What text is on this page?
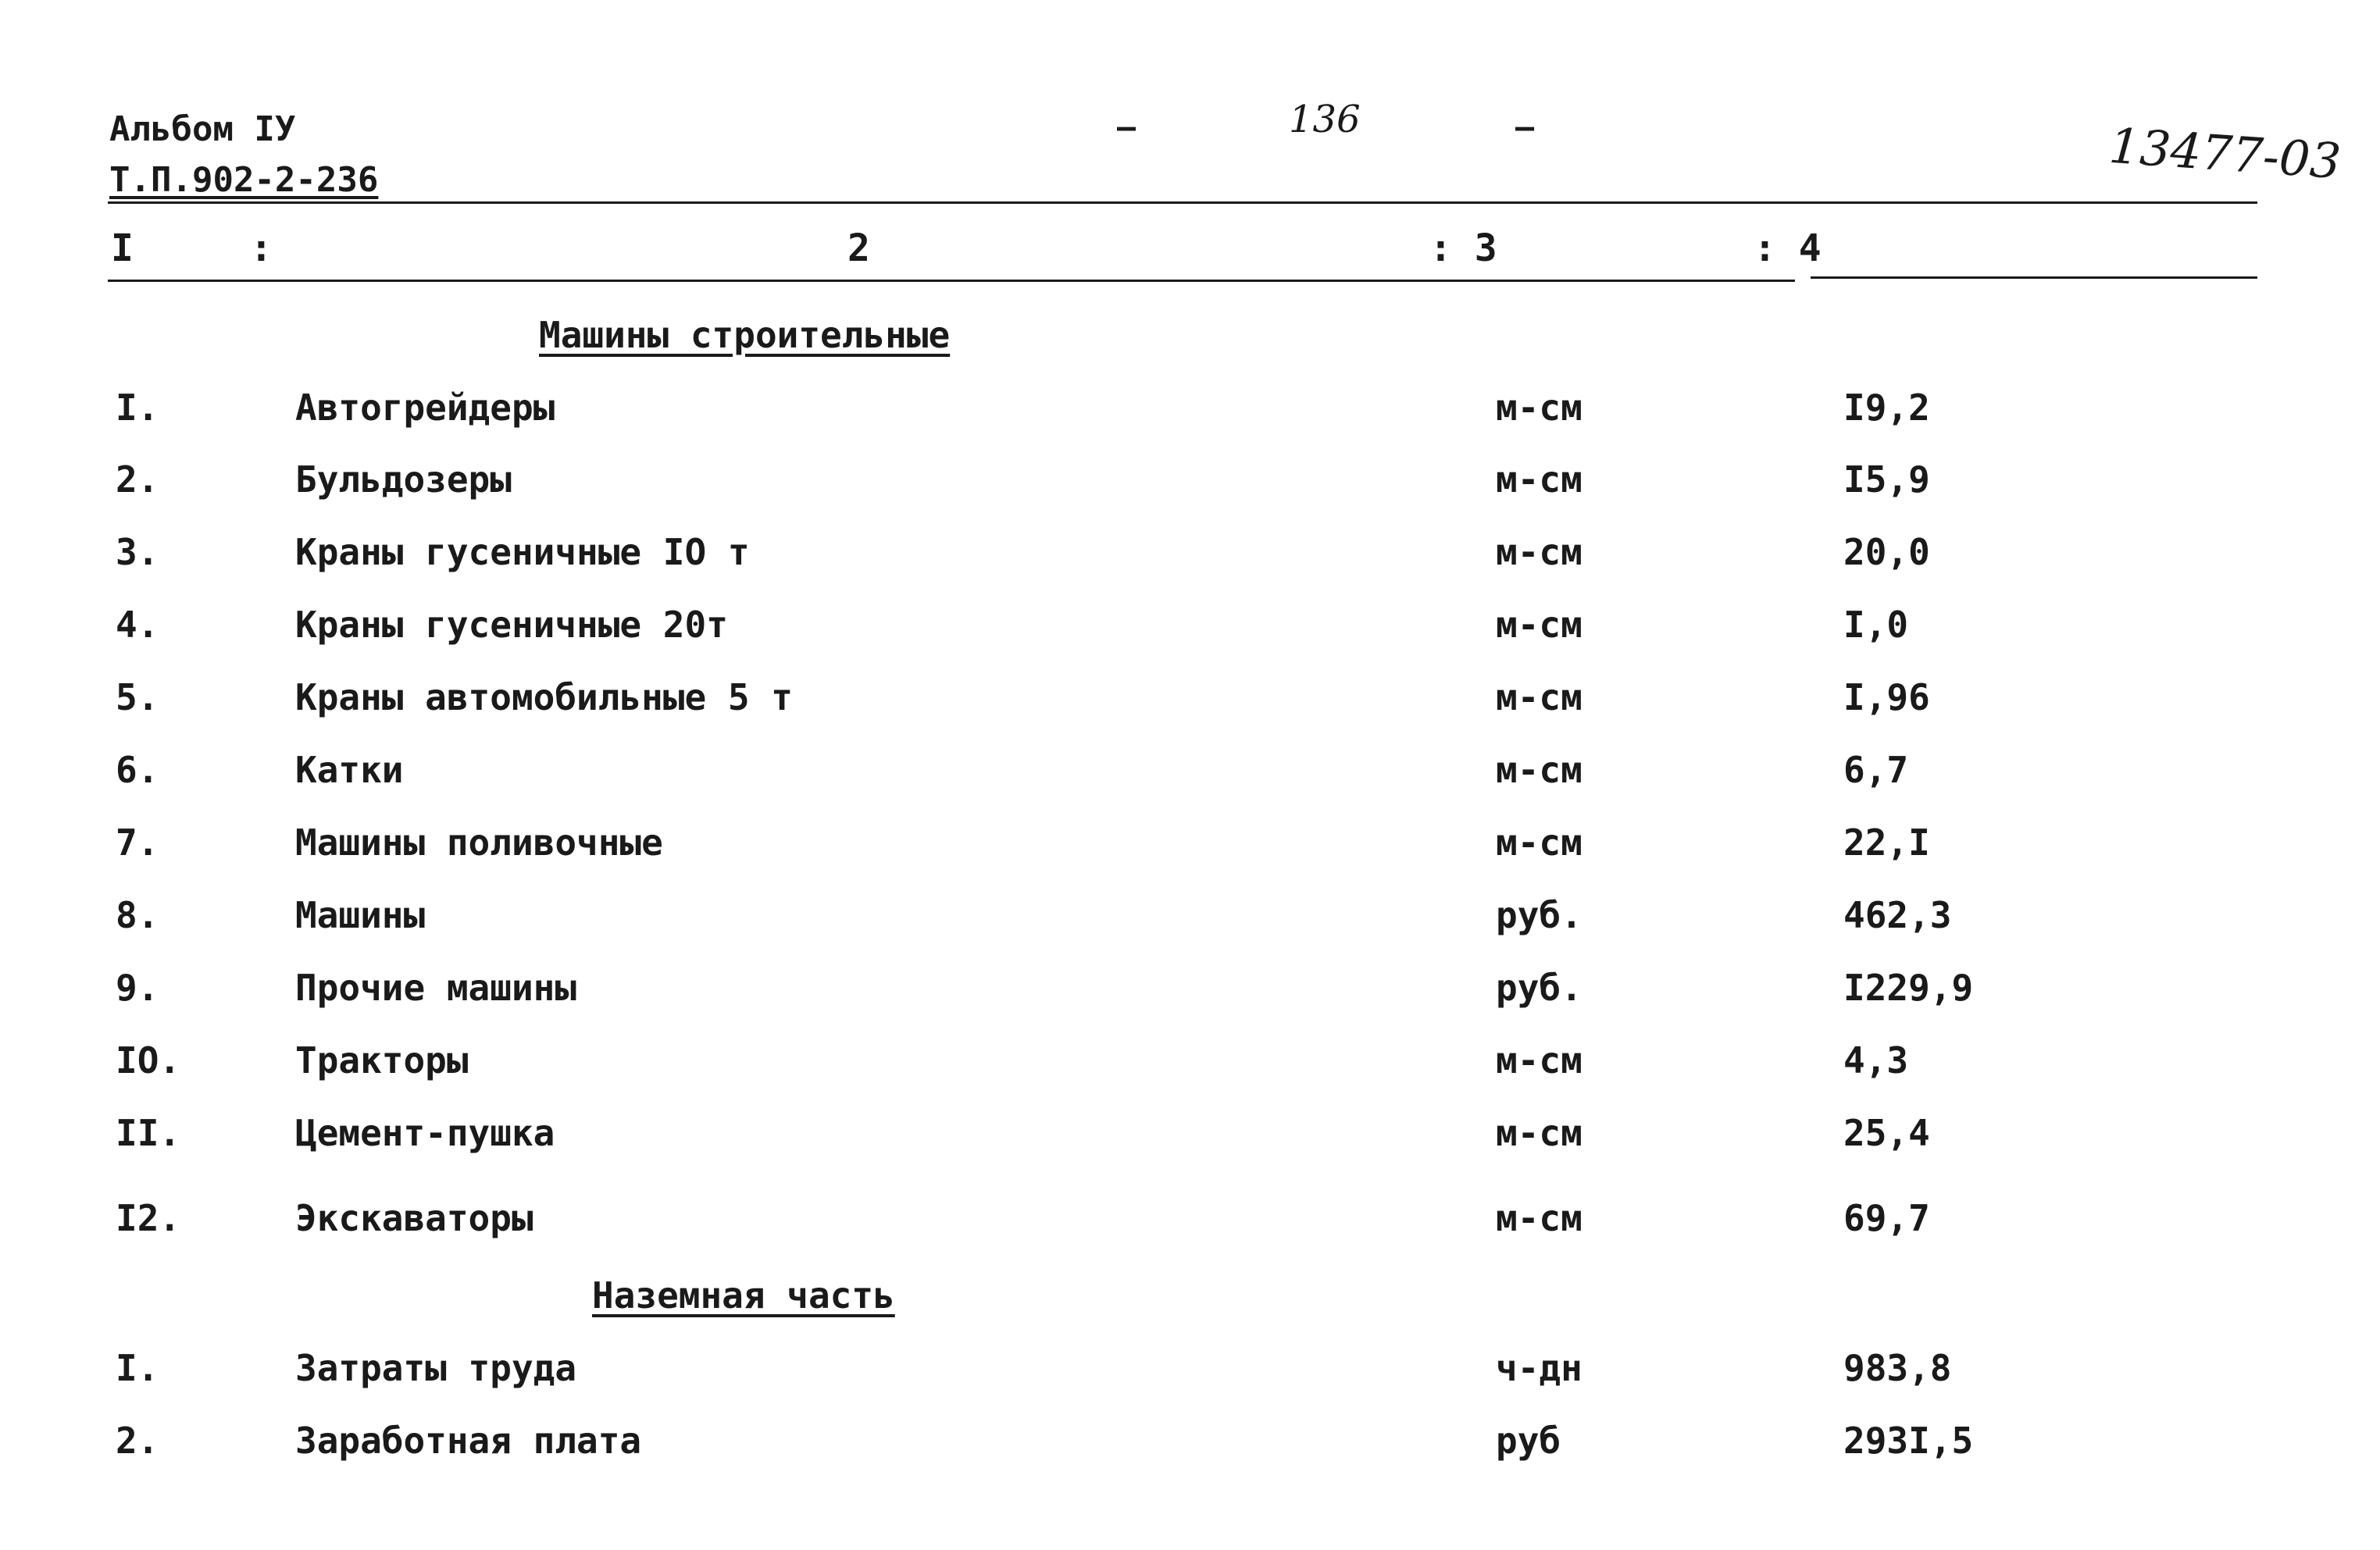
Альбом IУ
Т.П.902-2-236
–	136	–	13477-03
I	:	2	: 3	: 4
Машины строительные
I.	Автогрейдеры	м-см	I9,2
2.	Бульдозеры	м-см	I5,9
3.	Краны гусеничные IO т	м-см	20,0
4.	Краны гусеничные 20т	м-см	I,0
5.	Краны автомобильные 5 т	м-см	I,96
6.	Катки	м-см	6,7
7.	Машины поливочные	м-см	22,I
8.	Машины	руб.	462,3
9.	Прочие машины	руб.	I229,9
IO.	Тракторы	м-см	4,3
II.	Цемент-пушка	м-см	25,4
I2.	Экскаваторы	м-см	69,7
Наземная часть
I.	Затраты труда	ч-дн	983,8
2.	Заработная плата	руб	293I,5
